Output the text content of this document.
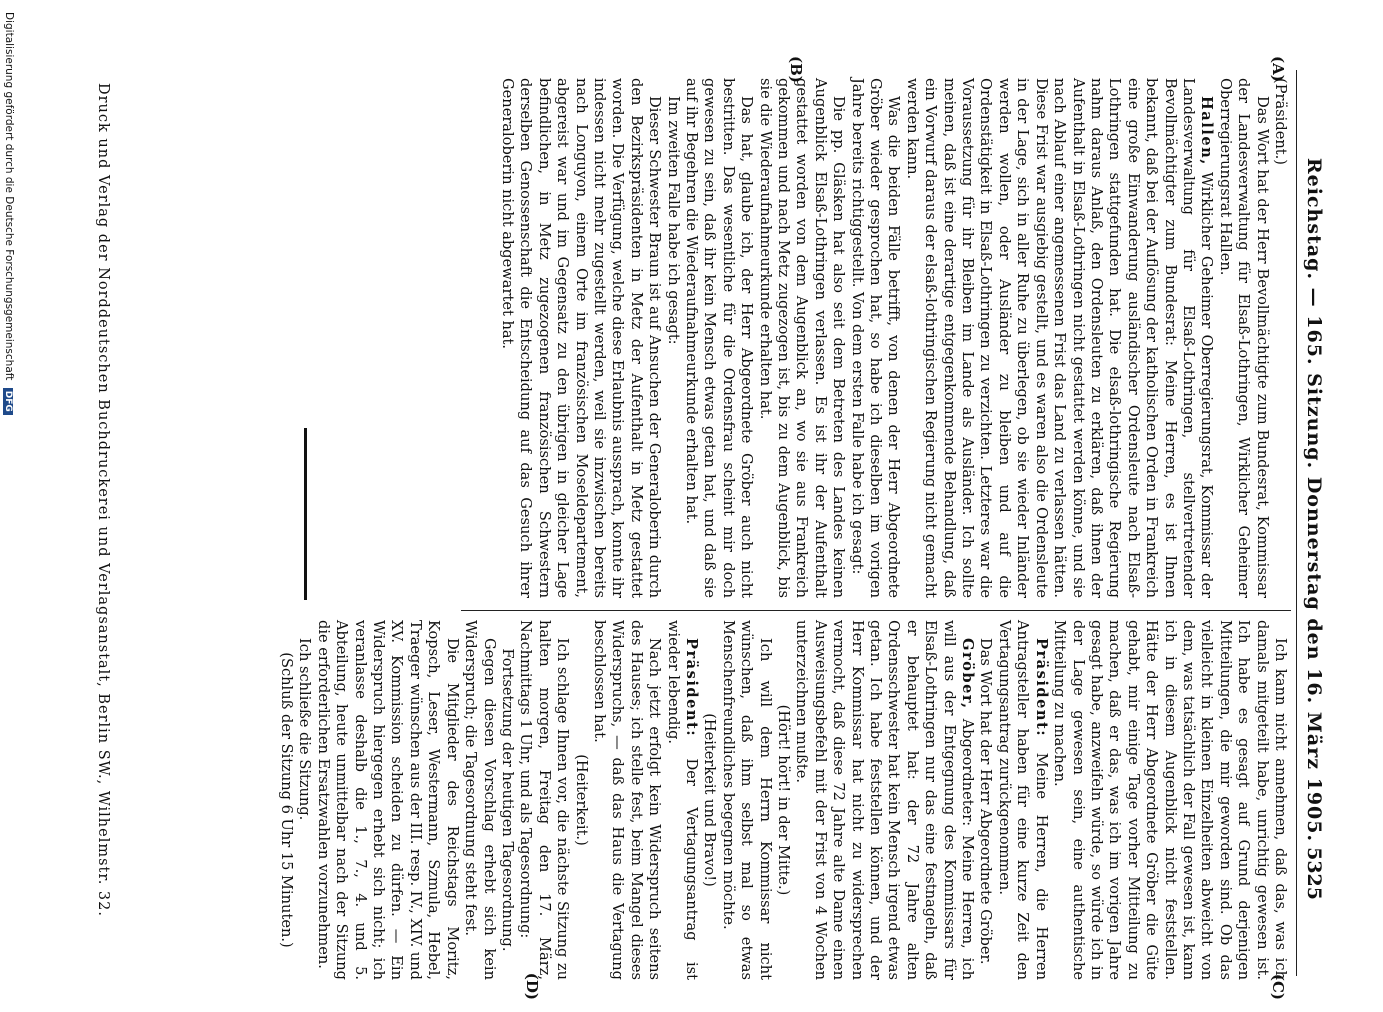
Reichstag. — 165. Sitzung. Donnerstag den 16. März 1905.
5325
(A)
(B)
(C)
(D)

(Präsident.)

Das Wort hat der Herr Bevollmächtigte zum Bundesrat, Kommissar der Landesverwaltung für Elsaß-Lothringen, Wirklicher Geheimer Oberregierungsrat Hallen.

Hallen, Wirklicher Geheimer Oberregierungsrat, Kommissar der Landesverwaltung für Elsaß-Lothringen, stellvertretender Bevollmächtigter zum Bundesrat: Meine Herren, es ist Ihnen bekannt, daß bei der Auflösung der katholischen Orden in Frankreich eine große Einwanderung ausländischer Ordensleute nach Elsaß-Lothringen stattgefunden hat. Die elsaß-lothringische Regierung nahm daraus Anlaß, den Ordensleuten zu erklären, daß ihnen der Aufenthalt in Elsaß-Lothringen nicht gestattet werden könne, und sie nach Ablauf einer angemessenen Frist das Land zu verlassen hätten. Diese Frist war ausgiebig gestellt, und es waren also die Ordensleute in der Lage, sich in aller Ruhe zu überlegen, ob sie wieder Inländer werden wollen, oder Ausländer zu bleiben und auf die Ordenstätigkeit in Elsaß-Lothringen zu verzichten. Letzteres war die Voraussetzung für ihr Bleiben im Lande als Ausländer. Ich sollte meinen, daß ist eine derartige entgegenkommende Behandlung, daß ein Vorwurf daraus der elsaß-lothringischen Regierung nicht gemacht werden kann.

Was die beiden Fälle betrifft, von denen der Herr Abgeordnete Gröber wieder gesprochen hat, so habe ich dieselben im vorigen Jahre bereits richtiggestellt. Von dem ersten Falle habe ich gesagt:

Die pp. Gläsken hat also seit dem Betreten des Landes keinen Augenblick Elsaß-Lothringen verlassen. Es ist ihr der Aufenthalt gestattet worden von dem Augenblick an, wo sie aus Frankreich gekommen und nach Metz zugezogen ist, bis zu dem Augenblick, bis sie die Wiederaufnahmeurkunde erhalten hat.

Das hat, glaube ich, der Herr Abgeordnete Gröber auch nicht bestritten. Das wesentliche für die Ordensfrau scheint mir doch gewesen zu sein, daß ihr kein Mensch etwas getan hat, und daß sie auf ihr Begehren die Wiederaufnahmeurkunde erhalten hat.

Im zweiten Falle habe ich gesagt:

Dieser Schwester Braun ist auf Ansuchen der Generaloberin durch den Bezirkspräsidenten in Metz der Aufenthalt in Metz gestattet worden. Die Verfügung, welche diese Erlaubnis aussprach, konnte ihr indessen nicht mehr zugestellt werden, weil sie inzwischen bereits nach Longuyon, einem Orte im französischen Moseldepartement, abgereist war und im Gegensatz zu den übrigen in gleicher Lage befindlichen, in Metz zugezogenen französischen Schwestern derselben Genossenschaft die Entscheidung auf das Gesuch ihrer Generaloberin nicht abgewartet hat.

Ich kann nicht annehmen, daß das, was ich damals mitgeteilt habe, unrichtig gewesen ist. Ich habe es gesagt auf Grund derjenigen Mitteilungen, die mir geworden sind. Ob das vielleicht in kleinen Einzelheiten abweicht von dem, was tatsächlich der Fall gewesen ist, kann ich in diesem Augenblick nicht feststellen. Hätte der Herr Abgeordnete Gröber die Güte gehabt, mir einige Tage vorher Mitteilung zu machen, daß er das, was ich im vorigen Jahre gesagt habe, anzweifeln würde, so würde ich in der Lage gewesen sein, eine authentische Mitteilung zu machen.

Präsident: Meine Herren, die Herren Antragsteller haben für eine kurze Zeit den Vertagungsantrag zurückgenommen.

Das Wort hat der Herr Abgeordnete Gröber.

Gröber, Abgeordneter: Meine Herren, ich will aus der Entgegnung des Kommissars für Elsaß-Lothringen nur das eine festnageln, daß er behauptet hat: der 72 Jahre alten Ordensschwester hat kein Mensch irgend etwas getan. Ich habe feststellen können, und der Herr Kommissar hat nicht zu widersprechen vermocht, daß diese 72 Jahre alte Dame einen Ausweisungsbefehl mit der Frist von 4 Wochen unterzeichnen mußte.

(Hört! hört! in der Mitte.)

Ich will dem Herrn Kommissar nicht wünschen, daß ihm selbst mal so etwas Menschenfreundliches begegnen möchte.

(Heiterkeit und Bravo!)

Präsident: Der Vertagungsantrag ist wieder lebendig.

Nach jetzt erfolgt kein Widerspruch seitens des Hauses; ich stelle fest, beim Mangel dieses Widerspruchs, — daß das Haus die Vertagung beschlossen hat.

(Heiterkeit.)

Ich schlage Ihnen vor, die nächste Sitzung zu halten morgen, Freitag den 17. März, Nachmittags 1 Uhr, und als Tagesordnung:

Fortsetzung der heutigen Tagesordnung.

Gegen diesen Vorschlag erhebt sich kein Widerspruch; die Tagesordnung steht fest.

Die Mitglieder des Reichstags Moritz, Kopsch, Leser, Westermann, Szmula, Hebel, Traeger wünschen aus der III. resp. IV., XIV. und XV. Kommission scheiden zu dürfen. — Ein Widerspruch hiergegen erhebt sich nicht; ich veranlasse deshalb die 1., 7., 4. und 5. Abteilung, heute unmittelbar nach der Sitzung die erforderlichen Ersatzwahlen vorzunehmen.

Ich schließe die Sitzung.

(Schluß der Sitzung 6 Uhr 15 Minuten.)

Druck und Verlag der Norddeutschen Buchdruckerei und Verlagsanstalt, Berlin SW., Wilhelmstr. 32.
Digitalisierung gefördert durch die Deutsche Forschungsgemeinschaft DFG
